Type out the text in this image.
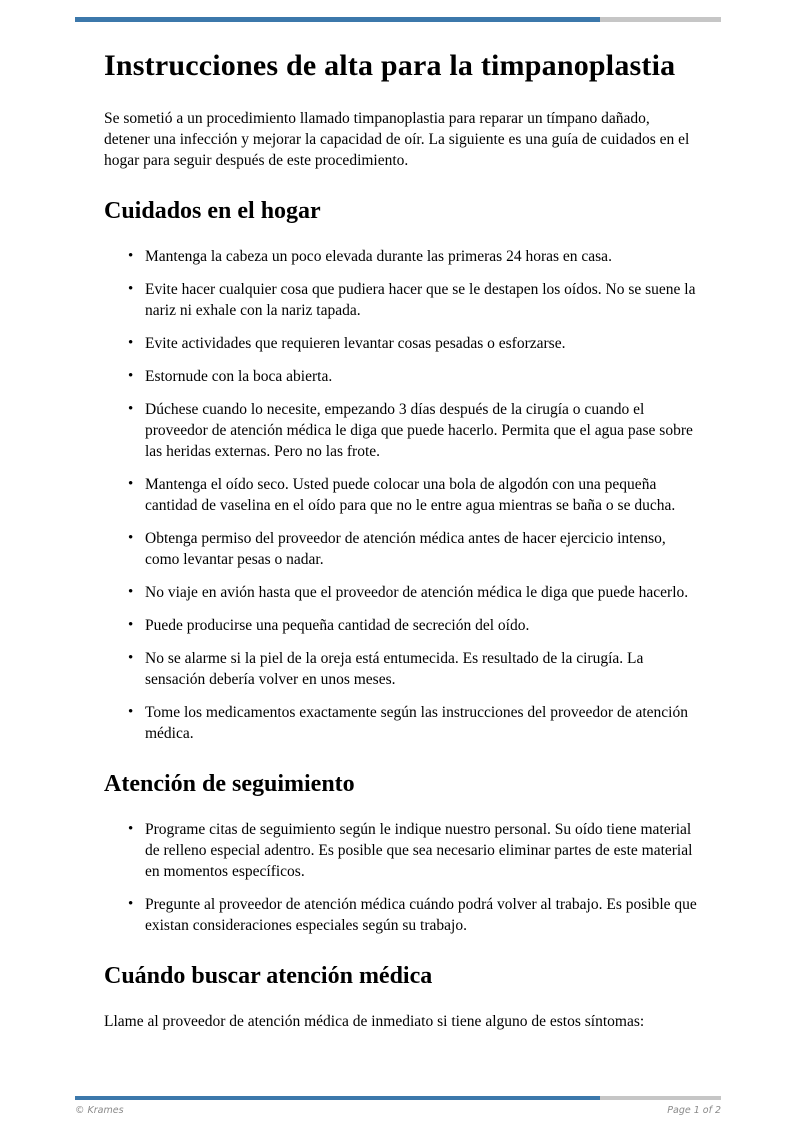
Instrucciones de alta para la timpanoplastia

Se sometió a un procedimiento llamado timpanoplastia para reparar un tímpano dañado, detener una infección y mejorar la capacidad de oír. La siguiente es una guía de cuidados en el hogar para seguir después de este procedimiento.

Cuidados en el hogar
• Mantenga la cabeza un poco elevada durante las primeras 24 horas en casa.
• Evite hacer cualquier cosa que pudiera hacer que se le destapen los oídos. No se suene la nariz ni exhale con la nariz tapada.
• Evite actividades que requieren levantar cosas pesadas o esforzarse.
• Estornude con la boca abierta.
• Dúchese cuando lo necesite, empezando 3 días después de la cirugía o cuando el proveedor de atención médica le diga que puede hacerlo. Permita que el agua pase sobre las heridas externas. Pero no las frote.
• Mantenga el oído seco. Usted puede colocar una bola de algodón con una pequeña cantidad de vaselina en el oído para que no le entre agua mientras se baña o se ducha.
• Obtenga permiso del proveedor de atención médica antes de hacer ejercicio intenso, como levantar pesas o nadar.
• No viaje en avión hasta que el proveedor de atención médica le diga que puede hacerlo.
• Puede producirse una pequeña cantidad de secreción del oído.
• No se alarme si la piel de la oreja está entumecida. Es resultado de la cirugía. La sensación debería volver en unos meses.
• Tome los medicamentos exactamente según las instrucciones del proveedor de atención médica.
Atención de seguimiento
• Programe citas de seguimiento según le indique nuestro personal. Su oído tiene material de relleno especial adentro. Es posible que sea necesario eliminar partes de este material en momentos específicos.
• Pregunte al proveedor de atención médica cuándo podrá volver al trabajo. Es posible que existan consideraciones especiales según su trabajo.
Cuándo buscar atención médica

Llame al proveedor de atención médica de inmediato si tiene alguno de estos síntomas:

© Krames	Page 1 of 2
